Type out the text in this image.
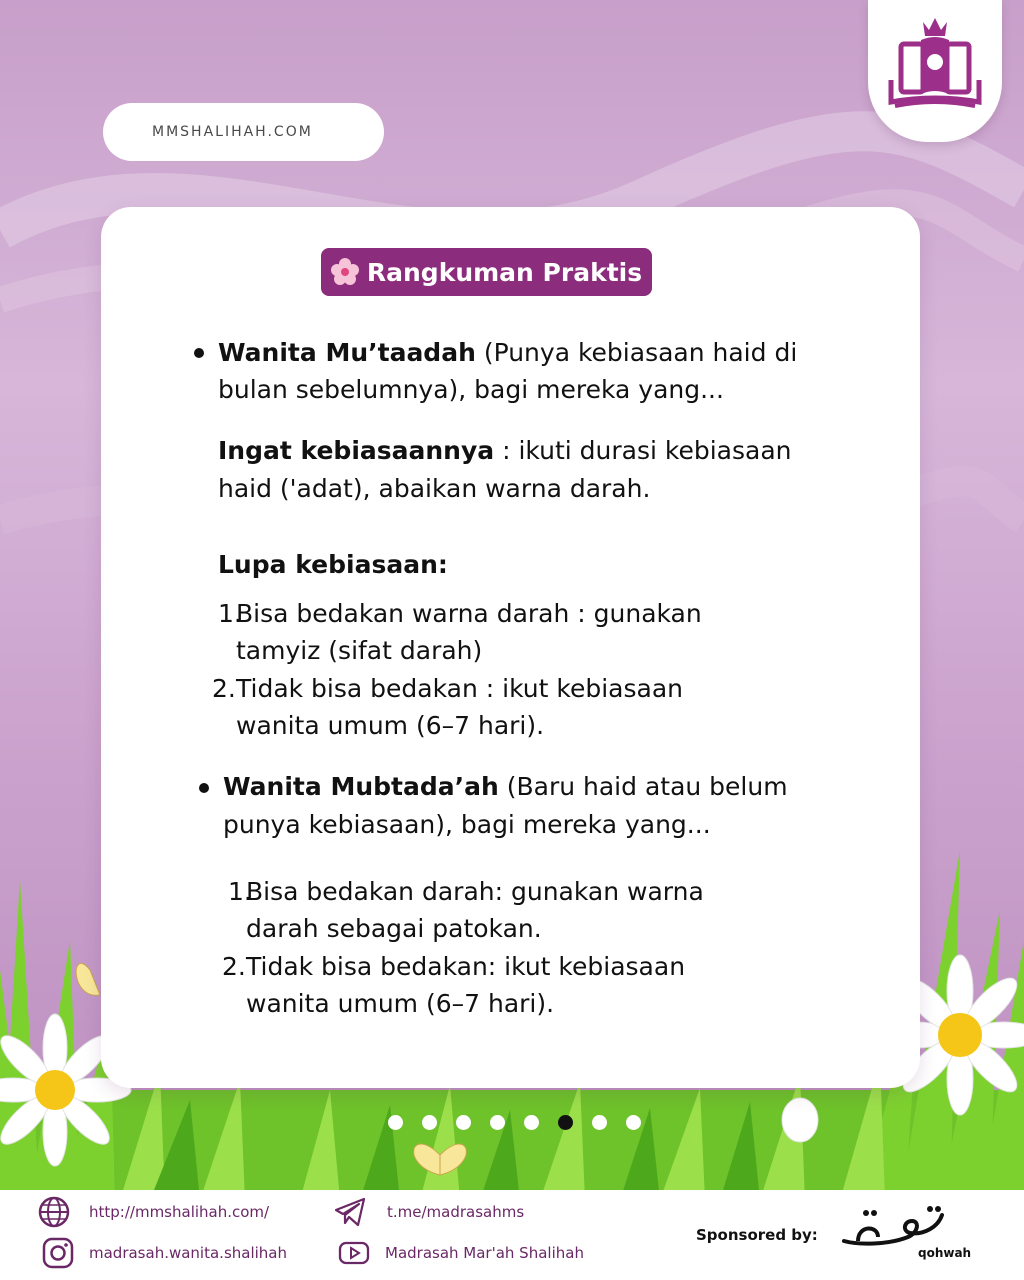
MMSHALIHAH.COM
Rangkuman Praktis
Wanita Mu’taadah (Punya kebiasaan haid di
bulan sebelumnya), bagi mereka yang...
Ingat kebiasaannya : ikuti durasi kebiasaan
haid ('adat), abaikan warna darah.
Lupa kebiasaan:
1.
Bisa bedakan warna darah : gunakan
tamyiz (sifat darah)
2. Tidak bisa bedakan : ikut kebiasaan
wanita umum (6–7 hari).
Wanita Mubtada’ah (Baru haid atau belum
punya kebiasaan), bagi mereka yang...
1.
Bisa bedakan darah: gunakan warna
darah sebagai patokan.
2. Tidak bisa bedakan: ikut kebiasaan
wanita umum (6–7 hari).
http://mmshalihah.com/
madrasah.wanita.shalihah
t.me/madrasahms
Madrasah Mar'ah Shalihah
Sponsored by:
qohwah
